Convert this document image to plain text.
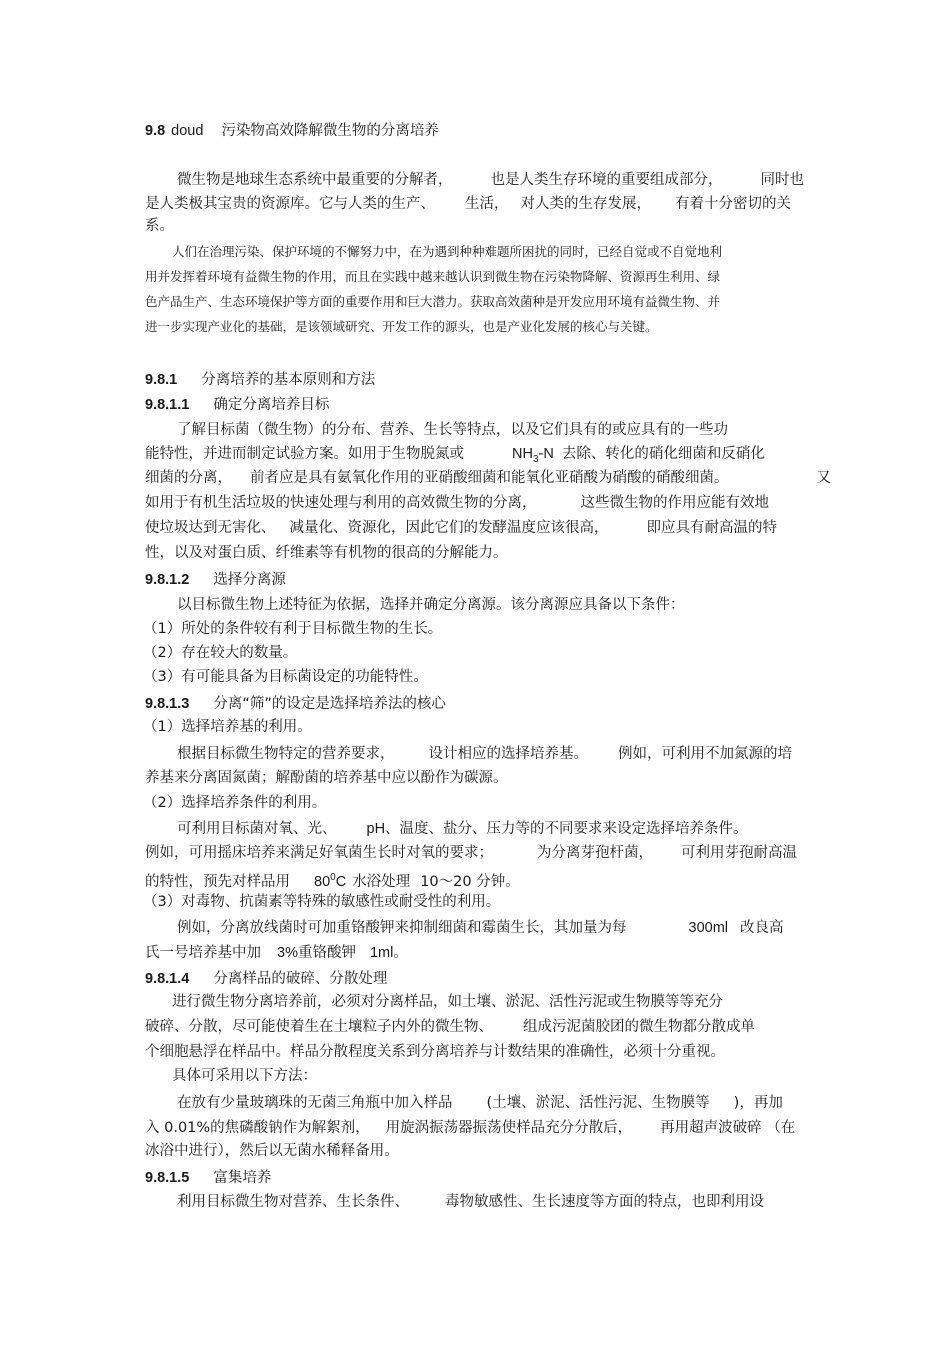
9.8 doud 污染物高效降解微生物的分离培养
微生物是地球生态系统中最重要的分解者，	也是人类生存环境的重要组成部分，	同时也
是人类极其宝贵的资源库。它与人类的生产、 生活， 对人类的生存发展， 有着十分密切的关
系。
人们在治理污染、保护环境的不懈努力中，在为遇到种种难题所困扰的同时，已经自觉或不自觉地利
用并发挥着环境有益微生物的作用，而且在实践中越来越认识到微生物在污染物降解、资源再生利用、绿
色产品生产、生态环境保护等方面的重要作用和巨大潜力。获取高效菌种是开发应用环境有益微生物、并
进一步实现产业化的基础，是该领域研究、开发工作的源头，也是产业化发展的核心与关键。
9.8.1 分离培养的基本原则和方法
9.8.1.1 确定分离培养目标
了解目标菌（微生物）的分布、营养、生长等特点，以及它们具有的或应具有的一些功
能特性，并进而制定试验方案。如用于生物脱氮或	$NH_3-N$ 去除、转化的硝化细菌和反硝化
细菌的分离， 前者应是具有氨氧化作用的亚硝酸细菌和能氧化亚硝酸为硝酸的硝酸细菌。	又
如用于有机生活垃圾的快速处理与利用的高效微生物的分离，	这些微生物的作用应能有效地
使垃圾达到无害化、 减量化、资源化，因此它们的发酵温度应该很高，	即应具有耐高温的特
性，以及对蛋白质、纤维素等有机物的很高的分解能力。
9.8.1.2 选择分离源
以目标微生物上述特征为依据，选择并确定分离源。该分离源应具备以下条件：
（1）所处的条件较有利于目标微生物的生长。
（2）存在较大的数量。
（3）有可能具备为目标菌设定的功能特性。
9.8.1.3 分离“筛”的设定是选择培养法的核心
（1）选择培养基的利用。
根据目标微生物特定的营养要求， 设计相应的选择培养基。 例如，可利用不加氮源的培
养基来分离固氮菌；解酚菌的培养基中应以酚作为碳源。
（2）选择培养条件的利用。
可利用目标菌对氧、光、 pH、温度、盐分、压力等的不同要求来设定选择培养条件。
例如，可用摇床培养来满足好氧菌生长时对氧的要求；	为分离芽孢杆菌， 可利用芽孢耐高温
的特性，预先对样品用 $80^0C$ 水浴处理 10～20 分钟。
（3）对毒物、抗菌素等特殊的敏感性或耐受性的利用。
例如，分离放线菌时可加重铬酸钾来抑制细菌和霉菌生长，其加量为每	300ml 改良高
氏一号培养基中加 3%重铬酸钾 1ml。
9.8.1.4 分离样品的破碎、分散处理
进行微生物分离培养前，必须对分离样品，如土壤、淤泥、活性污泥或生物膜等等充分
破碎、分散，尽可能使着生在土壤粒子内外的微生物、 组成污泥菌胶团的微生物都分散成单
个细胞悬浮在样品中。样品分散程度关系到分离培养与计数结果的准确性，必须十分重视。
具体可采用以下方法：
在放有少量玻璃珠的无菌三角瓶中加入样品 (土壤、淤泥、活性污泥、生物膜等 )，再加
入 0.01%的焦磷酸钠作为解絮剂， 用旋涡振荡器振荡使样品充分分散后， 再用超声波破碎 （在
冰浴中进行），然后以无菌水稀释备用。
9.8.1.5 富集培养
利用目标微生物对营养、生长条件、 毒物敏感性、生长速度等方面的特点，也即利用设
